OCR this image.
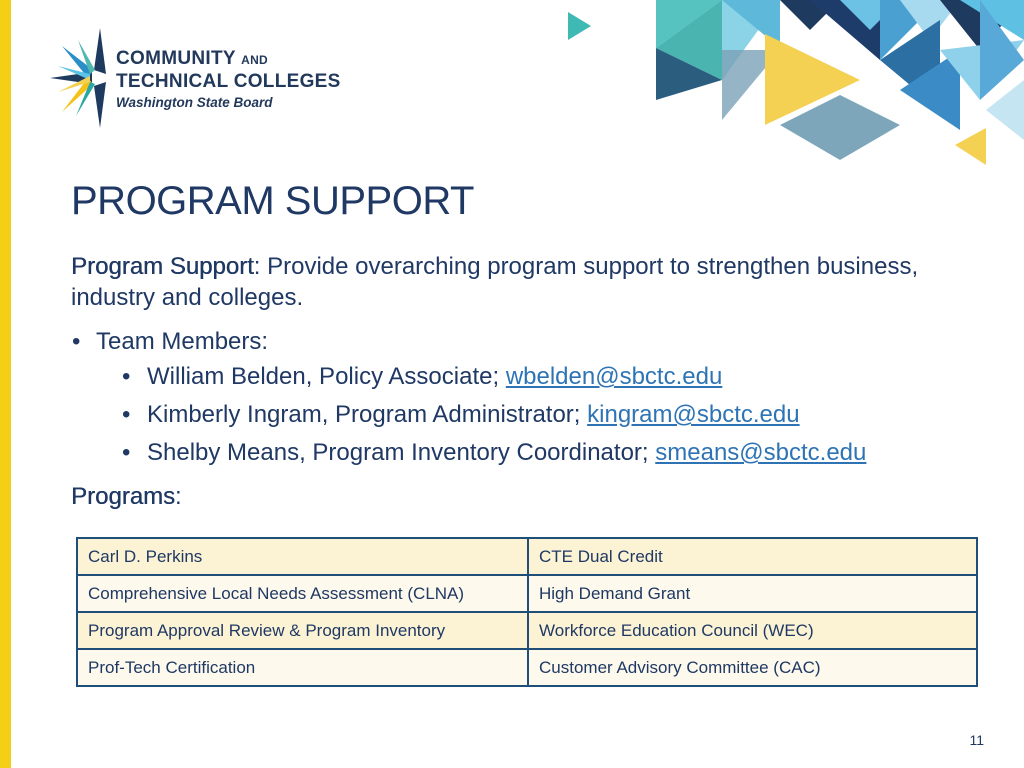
COMMUNITY AND
TECHNICAL COLLEGES
Washington State Board
PROGRAM SUPPORT
Program Support: Provide overarching program support to strengthen business, industry and colleges.
• Team Members:
• William Belden, Policy Associate; wbelden@sbctc.edu
• Kimberly Ingram, Program Administrator; kingram@sbctc.edu
• Shelby Means, Program Inventory Coordinator; smeans@sbctc.edu
Programs:
Carl D. Perkins	CTE Dual Credit
Comprehensive Local Needs Assessment (CLNA)	High Demand Grant
Program Approval Review & Program Inventory	Workforce Education Council (WEC)
Prof-Tech Certification	Customer Advisory Committee (CAC)
11
